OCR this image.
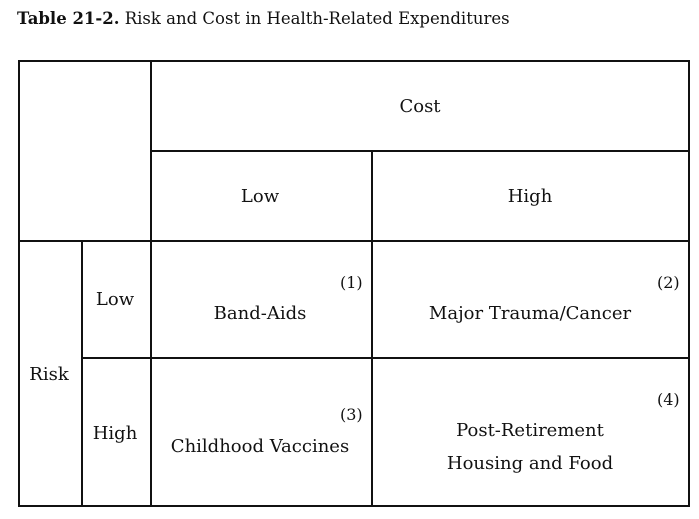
Table 21-2. Risk and Cost in Health-Related Expenditures
Cost
Low	High
Risk
Low
High
(1)
Band-Aids
(2)
Major Trauma/Cancer
(3)
Childhood Vaccines
(4)
Post-Retirement
Housing and Food
